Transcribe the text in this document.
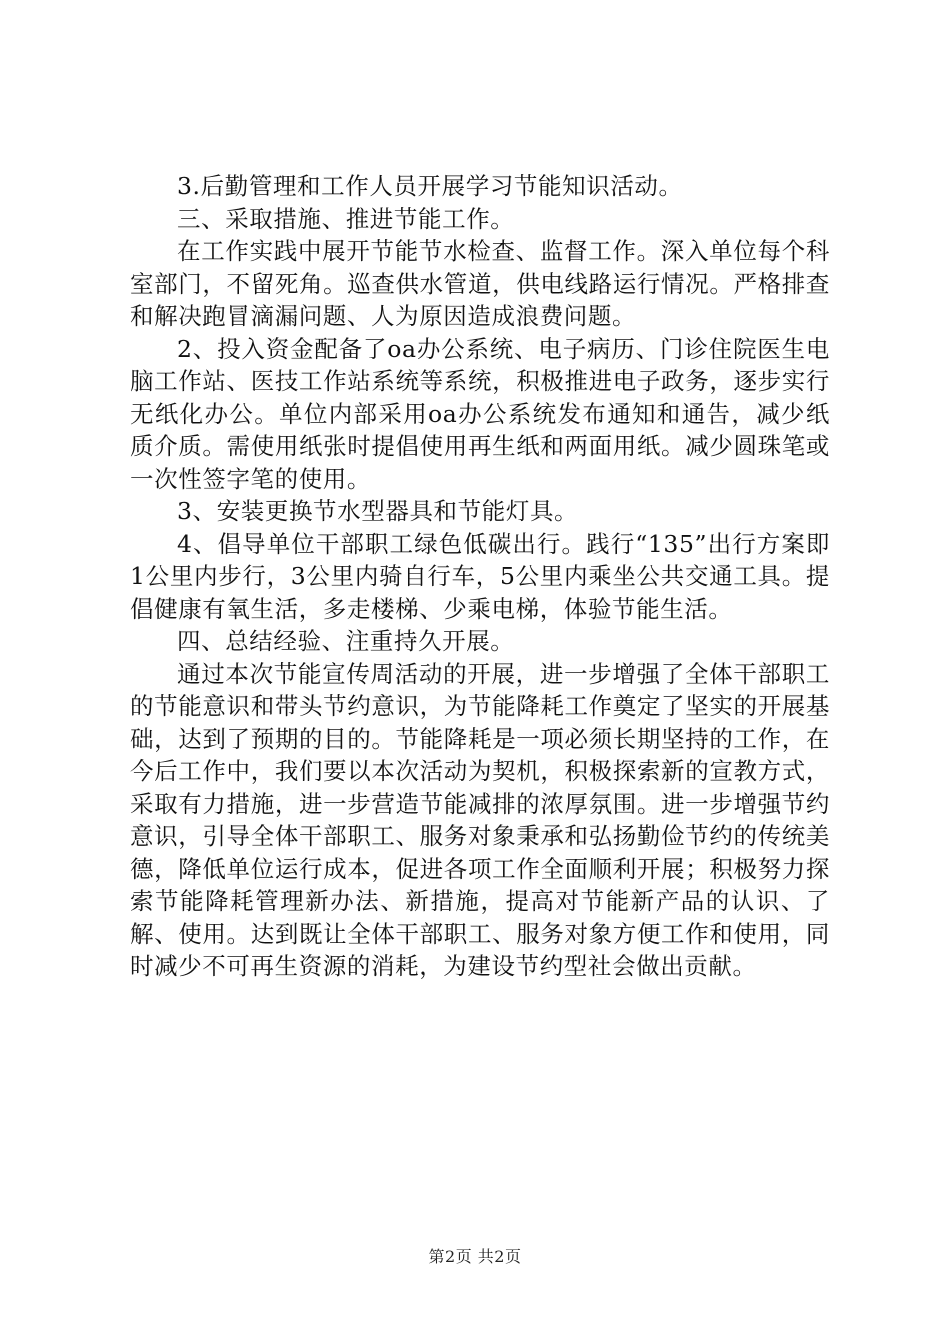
3.后勤管理和工作人员开展学习节能知识活动。

三、采取措施、推进节能工作。

在工作实践中展开节能节水检查、监督工作。深入单位每个科室部门，不留死角。巡查供水管道，供电线路运行情况。严格排查和解决跑冒滴漏问题、人为原因造成浪费问题。

2、投入资金配备了oa办公系统、电子病历、门诊住院医生电脑工作站、医技工作站系统等系统，积极推进电子政务，逐步实行无纸化办公。单位内部采用oa办公系统发布通知和通告，减少纸质介质。需使用纸张时提倡使用再生纸和两面用纸。减少圆珠笔或一次性签字笔的使用。

3、安装更换节水型器具和节能灯具。

4、倡导单位干部职工绿色低碳出行。践行“135”出行方案即1公里内步行，3公里内骑自行车，5公里内乘坐公共交通工具。提倡健康有氧生活，多走楼梯、少乘电梯，体验节能生活。

四、总结经验、注重持久开展。

通过本次节能宣传周活动的开展，进一步增强了全体干部职工的节能意识和带头节约意识，为节能降耗工作奠定了坚实的开展基础，达到了预期的目的。节能降耗是一项必须长期坚持的工作，在今后工作中，我们要以本次活动为契机，积极探索新的宣教方式，采取有力措施，进一步营造节能减排的浓厚氛围。进一步增强节约意识，引导全体干部职工、服务对象秉承和弘扬勤俭节约的传统美德，降低单位运行成本，促进各项工作全面顺利开展；积极努力探索节能降耗管理新办法、新措施，提高对节能新产品的认识、了解、使用。达到既让全体干部职工、服务对象方便工作和使用，同时减少不可再生资源的消耗，为建设节约型社会做出贡献。

第2页 共2页
